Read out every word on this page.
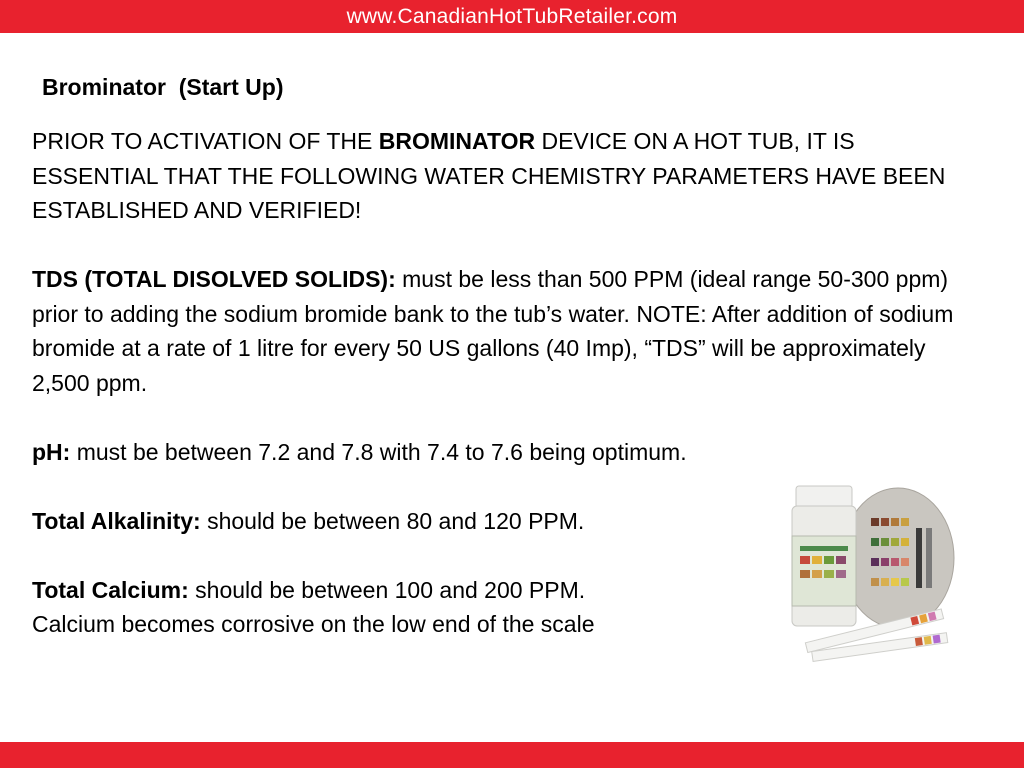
www.CanadianHotTubRetailer.com
Brominator  (Start Up)

PRIOR TO ACTIVATION OF THE BROMINATOR DEVICE ON A HOT TUB, IT IS ESSENTIAL THAT THE FOLLOWING WATER CHEMISTRY PARAMETERS HAVE BEEN ESTABLISHED AND VERIFIED!

TDS (TOTAL DISOLVED SOLIDS): must be less than 500 PPM (ideal range 50-300 ppm) prior to adding the sodium bromide bank to the tub’s water. NOTE: After addition of sodium bromide at a rate of 1 litre for every 50 US gallons (40 Imp), “TDS” will be approximately 2,500 ppm.

pH: must be between 7.2 and 7.8 with 7.4 to 7.6 being optimum.

Total Alkalinity: should be between 80 and 120 PPM.

Total Calcium: should be between 100 and 200 PPM.
Calcium becomes corrosive on the low end of the scale
